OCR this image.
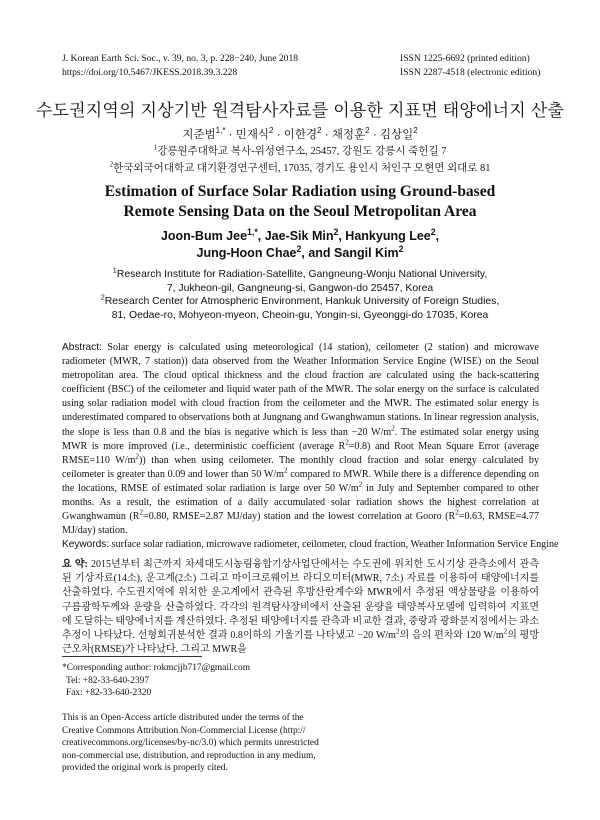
J. Korean Earth Sci. Soc., v. 39, no. 3, p. 228−240, June 2018
https://doi.org/10.5467/JKESS.2018.39.3.228
ISSN 1225-6692 (printed edition)
ISSN 2287-4518 (electronic edition)
수도권지역의 지상기반 원격탐사자료를 이용한 지표면 태양에너지 산출
지준범$^{1,*}$ · 민재식$^2$ · 이한경$^2$ · 채정훈$^2$ · 김상일$^2$
$^1$강릉원주대학교 복사-위성연구소, 25457, 강원도 강릉시 죽헌길 7
$^2$한국외국어대학교 대기환경연구센터, 17035, 경기도 용인시 처인구 모현면 외대로 81
Estimation of Surface Solar Radiation using Ground-based
Remote Sensing Data on the Seoul Metropolitan Area
Joon-Bum Jee$^{1,*}$, Jae-Sik Min$^2$, Hankyung Lee$^2$,
Jung-Hoon Chae$^2$, and Sangil Kim$^2$
$^1$Research Institute for Radiation-Satellite, Gangneung-Wonju National University,
7, Jukheon-gil, Gangneung-si, Gangwon-do 25457, Korea
$^2$Research Center for Atmospheric Environment, Hankuk University of Foreign Studies,
81, Oedae-ro, Mohyeon-myeon, Cheoin-gu, Yongin-si, Gyeonggi-do 17035, Korea
Abstract: Solar energy is calculated using meteorological (14 station), ceilometer (2 station) and microwave radiometer (MWR, 7 station)) data observed from the Weather Information Service Engine (WISE) on the Seoul metropolitan area. The cloud optical thickness and the cloud fraction are calculated using the back-scattering coefficient (BSC) of the ceilometer and liquid water path of the MWR. The solar energy on the surface is calculated using solar radiation model with cloud fraction from the ceilometer and the MWR. The estimated solar energy is underestimated compared to observations both at Jungnang and Gwanghwamun stations. In linear regression analysis, the slope is less than 0.8 and the bias is negative which is less than −20 $W/m^2$. The estimated solar energy using MWR is more improved (i.e., deterministic coefficient (average $R^2=0.8$) and Root Mean Square Error (average RMSE=110 $W/m^2$)) than when using ceilometer. The monthly cloud fraction and solar energy calculated by ceilometer is greater than 0.09 and lower than 50 $W/m^2$ compared to MWR. While there is a difference depending on the locations, RMSE of estimated solar radiation is large over 50 $W/m^2$ in July and September compared to other months. As a result, the estimation of a daily accumulated solar radiation shows the highest correlation at Gwanghwamun ($R^2=0.80$, RMSE=2.87 MJ/day) station and the lowest correlation at Gooro ($R^2=0.63$, RMSE=4.77 MJ/day) station.
Keywords: surface solar radiation, microwave radiometer, ceilometer, cloud fraction, Weather Information Service Engine
요 약: 2015년부터 최근까지 차세대도시농림융합기상사업단에서는 수도권에 위치한 도시기상 관측소에서 관측된 기상자료(14소), 운고계(2소) 그리고 마이크로웨이브 라디오미터(MWR, 7소) 자료를 이용하여 태양에너지를 산출하였다. 수도권지역에 위치한 운고계에서 관측된 후방산란계수와 MWR에서 추정된 액상물량을 이용하여 구름광학두께와 운량을 산출하였다. 각각의 원격탐사장비에서 산출된 운량을 태양복사모델에 입력하여 지표면에 도달하는 태양에너지를 계산하였다. 추정된 태양에너지를 관측과 비교한 결과, 중랑과 광화문지점에서는 과소추정이 나타났다. 선형회귀분석한 결과 0.8이하의 기울기를 나타냈고 −20 $W/m^2$의 음의 편차와 120 $W/m^2$의 평방근오차(RMSE)가 나타났다. 그리고 MWR을
*Corresponding author: rokmcjjb717@gmail.com
Tel: +82-33-640-2397
Fax: +82-33-640-2320
This is an Open-Access article distributed under the terms of the
Creative Commons Attribution Non-Commercial License (http://
creativecommons.org/licenses/by-nc/3.0) which permits unrestricted
non-commercial use, distribution, and reproduction in any medium,
provided the original work is properly cited.
